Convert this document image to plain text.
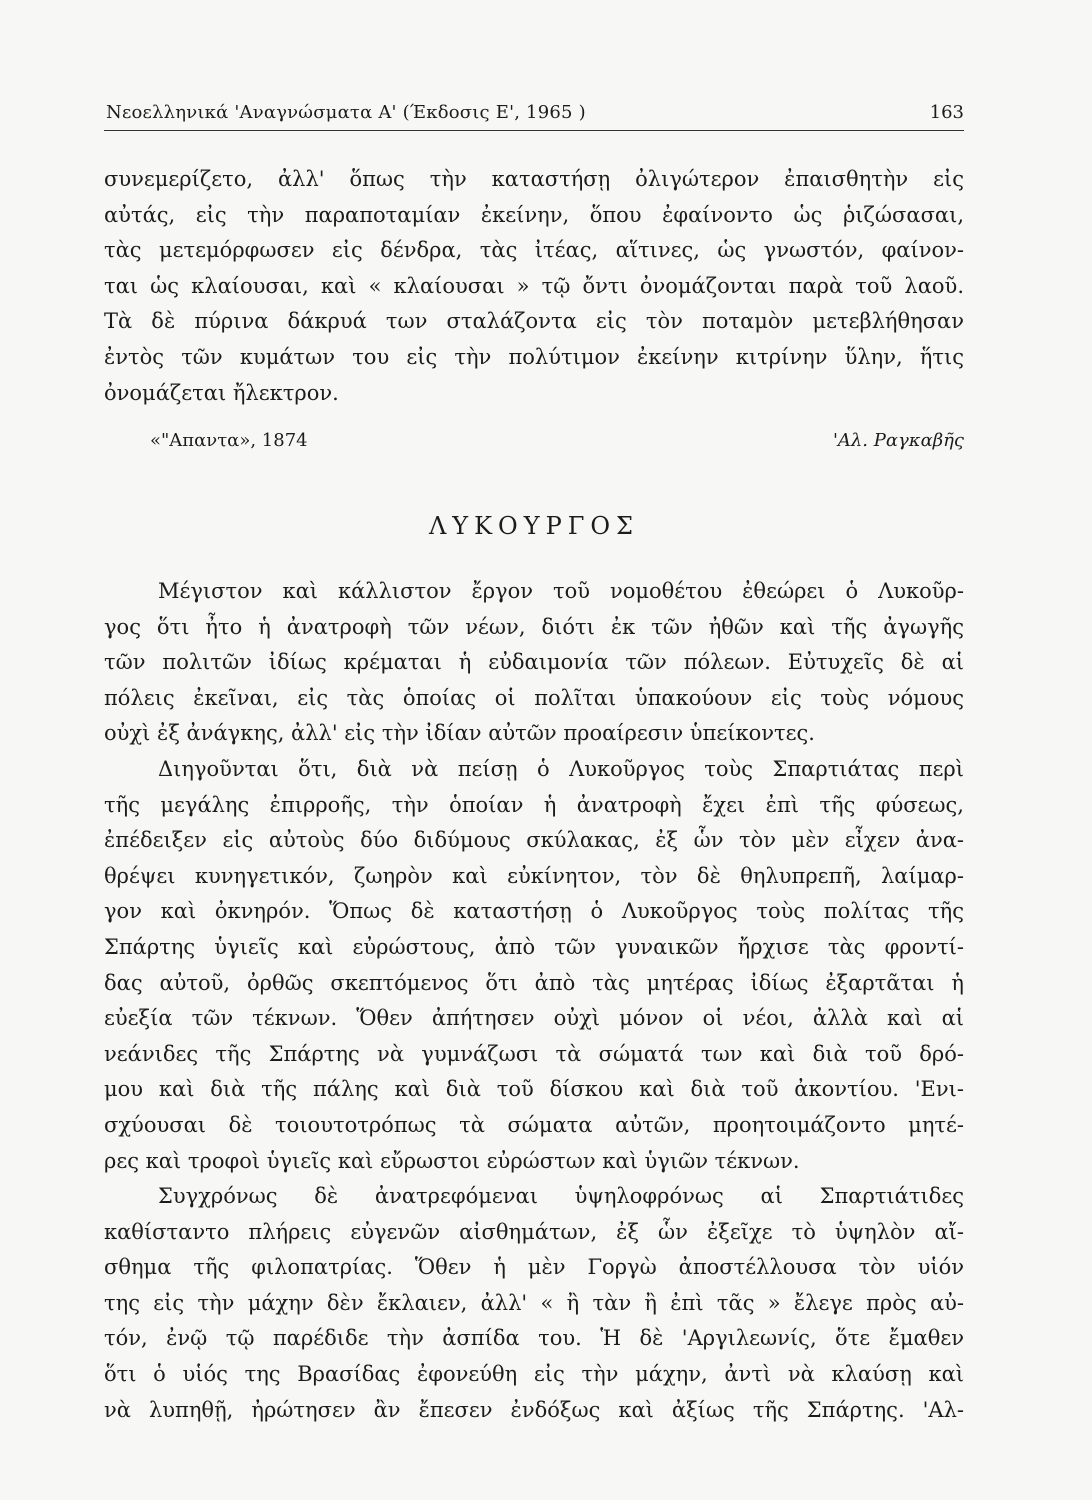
Νεοελληνικά 'Αναγνώσματα Α' (Έκδοσις Ε', 1965 )	163
συνεμερίζετο, ἀλλ' ὅπως τὴν καταστήσῃ ὀλιγώτερον ἐπαισθητὴν εἰς
αὐτάς, εἰς τὴν παραποταμίαν ἐκείνην, ὅπου ἐφαίνοντο ὡς ῥιζώσασαι,
τὰς μετεμόρφωσεν εἰς δένδρα, τὰς ἰτέας, αἵτινες, ὡς γνωστόν, φαίνον-
ται ὡς κλαίουσαι, καὶ « κλαίουσαι » τῷ ὄντι ὀνομάζονται παρὰ τοῦ λαοῦ.
Τὰ δὲ πύρινα δάκρυά των σταλάζοντα εἰς τὸν ποταμὸν μετεβλήθησαν
ἐντὸς τῶν κυμάτων του εἰς τὴν πολύτιμον ἐκείνην κιτρίνην ὕλην, ἥτις
ὀνομάζεται ἤλεκτρον.
«"Απαντα», 1874	'Αλ. Ραγκαβῆς
ΛΥΚΟΥΡΓΟΣ
Μέγιστον καὶ κάλλιστον ἔργον τοῦ νομοθέτου ἐθεώρει ὁ Λυκοῦρ-
γος ὅτι ἦτο ἡ ἀνατροφὴ τῶν νέων, διότι ἐκ τῶν ἠθῶν καὶ τῆς ἀγωγῆς
τῶν πολιτῶν ἰδίως κρέμαται ἡ εὐδαιμονία τῶν πόλεων. Εὐτυχεῖς δὲ αἱ
πόλεις ἐκεῖναι, εἰς τὰς ὁποίας οἱ πολῖται ὑπακούουν εἰς τοὺς νόμους
οὐχὶ ἐξ ἀνάγκης, ἀλλ' εἰς τὴν ἰδίαν αὐτῶν προαίρεσιν ὑπείκοντες.
Διηγοῦνται ὅτι, διὰ νὰ πείσῃ ὁ Λυκοῦργος τοὺς Σπαρτιάτας περὶ
τῆς μεγάλης ἐπιρροῆς, τὴν ὁποίαν ἡ ἀνατροφὴ ἔχει ἐπὶ τῆς φύσεως,
ἐπέδειξεν εἰς αὐτοὺς δύο διδύμους σκύλακας, ἐξ ὧν τὸν μὲν εἶχεν ἀνα-
θρέψει κυνηγετικόν, ζωηρὸν καὶ εὐκίνητον, τὸν δὲ θηλυπρεπῆ, λαίμαρ-
γον καὶ ὀκνηρόν. Ὅπως δὲ καταστήσῃ ὁ Λυκοῦργος τοὺς πολίτας τῆς
Σπάρτης ὑγιεῖς καὶ εὐρώστους, ἀπὸ τῶν γυναικῶν ἤρχισε τὰς φροντί-
δας αὐτοῦ, ὀρθῶς σκεπτόμενος ὅτι ἀπὸ τὰς μητέρας ἰδίως ἐξαρτᾶται ἡ
εὐεξία τῶν τέκνων. Ὅθεν ἀπήτησεν οὐχὶ μόνον οἱ νέοι, ἀλλὰ καὶ αἱ
νεάνιδες τῆς Σπάρτης νὰ γυμνάζωσι τὰ σώματά των καὶ διὰ τοῦ δρό-
μου καὶ διὰ τῆς πάλης καὶ διὰ τοῦ δίσκου καὶ διὰ τοῦ ἀκοντίου. 'Ενι-
σχύουσαι δὲ τοιουτοτρόπως τὰ σώματα αὐτῶν, προητοιμάζοντο μητέ-
ρες καὶ τροφοὶ ὑγιεῖς καὶ εὔρωστοι εὐρώστων καὶ ὑγιῶν τέκνων.
Συγχρόνως δὲ ἀνατρεφόμεναι ὑψηλοφρόνως αἱ Σπαρτιάτιδες
καθίσταντο πλήρεις εὐγενῶν αἰσθημάτων, ἐξ ὧν ἐξεῖχε τὸ ὑψηλὸν αἴ-
σθημα τῆς φιλοπατρίας. Ὅθεν ἡ μὲν Γοργὼ ἀποστέλλουσα τὸν υἱόν
της εἰς τὴν μάχην δὲν ἔκλαιεν, ἀλλ' « ἢ τὰν ἢ ἐπὶ τᾶς » ἔλεγε πρὸς αὐ-
τόν, ἐνῷ τῷ παρέδιδε τὴν ἀσπίδα του. Ἡ δὲ 'Αργιλεωνίς, ὅτε ἔμαθεν
ὅτι ὁ υἱός της Βρασίδας ἐφονεύθη εἰς τὴν μάχην, ἀντὶ νὰ κλαύσῃ καὶ
νὰ λυπηθῇ, ἠρώτησεν ἂν ἔπεσεν ἐνδόξως καὶ ἀξίως τῆς Σπάρτης. 'Αλ-
